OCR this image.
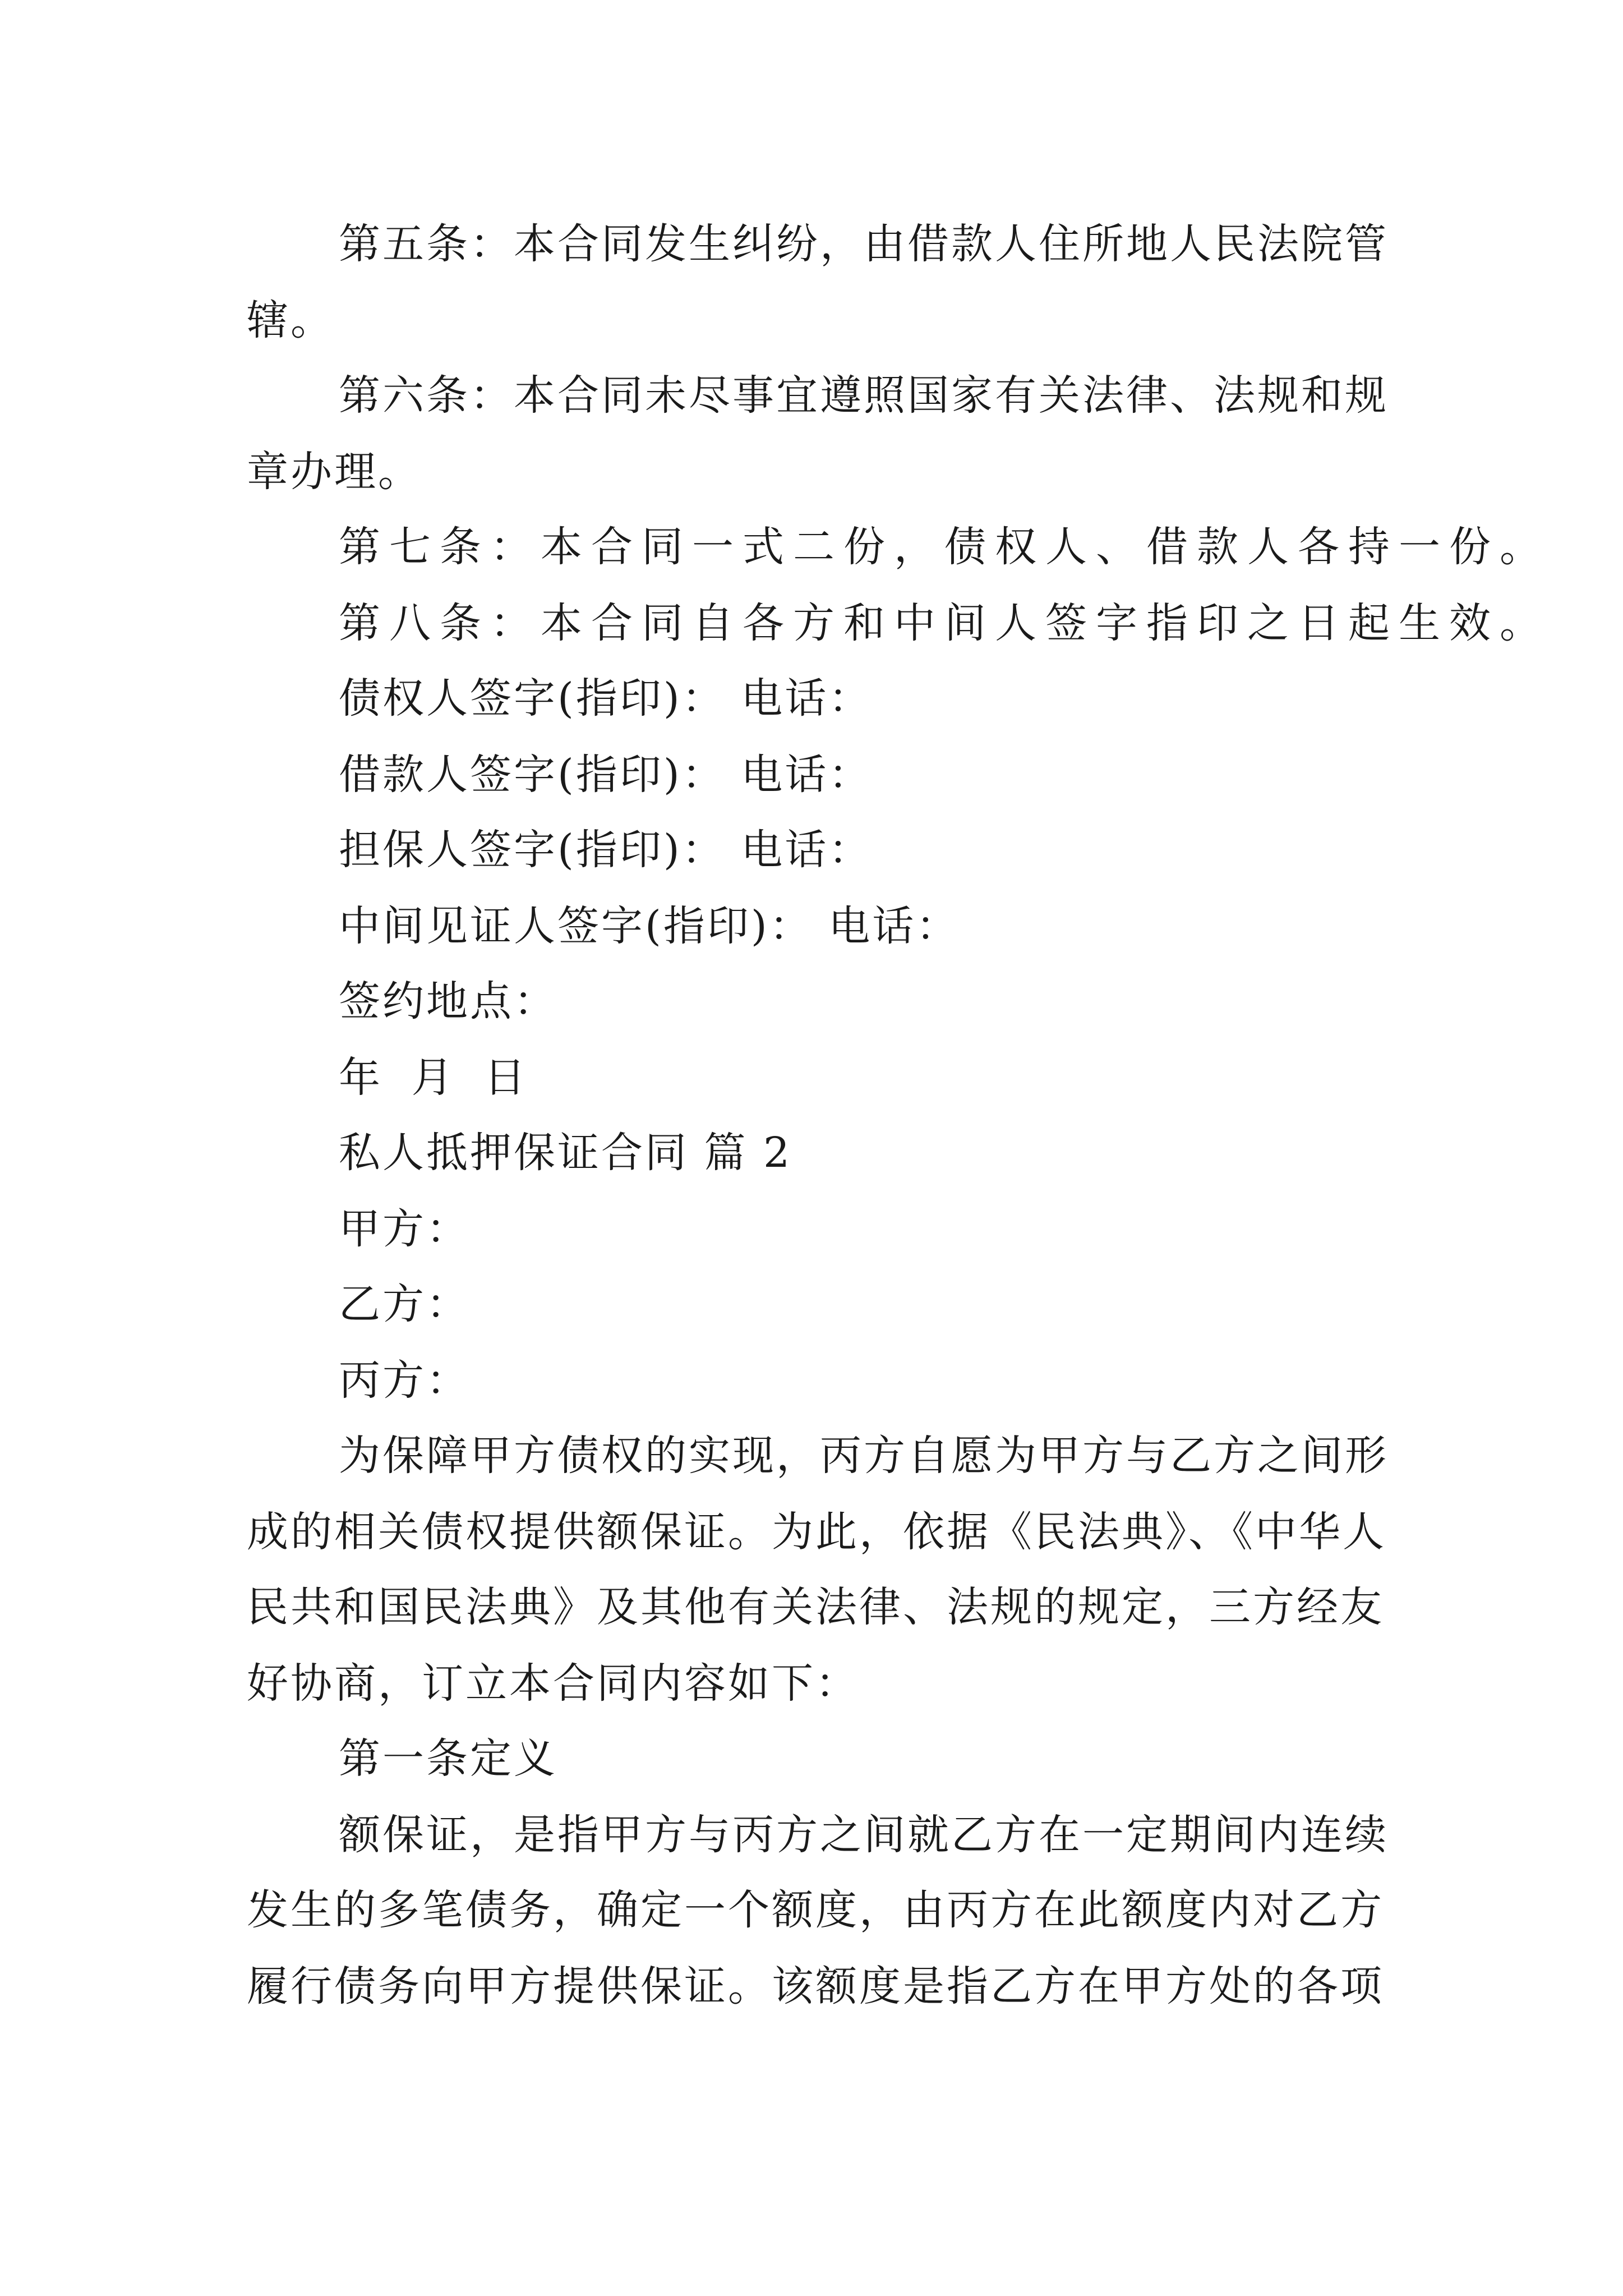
第五条：本合同发生纠纷，由借款人住所地人民法院管
辖。
第六条：本合同未尽事宜遵照国家有关法律、法规和规
章办理。
第七条：本合同一式二份，债权人、借款人各持一份。
第八条：本合同自各方和中间人签字指印之日起生效。
债权人签字(指印)： 电话：
借款人签字(指印)： 电话：
担保人签字(指印)： 电话：
中间见证人签字(指印)： 电话：
签约地点：
年 月 日
私人抵押保证合同 篇 2
甲方：
乙方：
丙方：
为保障甲方债权的实现，丙方自愿为甲方与乙方之间形
成的相关债权提供额保证。为此，依据《民法典》、《中华人
民共和国民法典》及其他有关法律、法规的规定，三方经友
好协商，订立本合同内容如下：
第一条定义
额保证，是指甲方与丙方之间就乙方在一定期间内连续
发生的多笔债务，确定一个额度，由丙方在此额度内对乙方
履行债务向甲方提供保证。该额度是指乙方在甲方处的各项
